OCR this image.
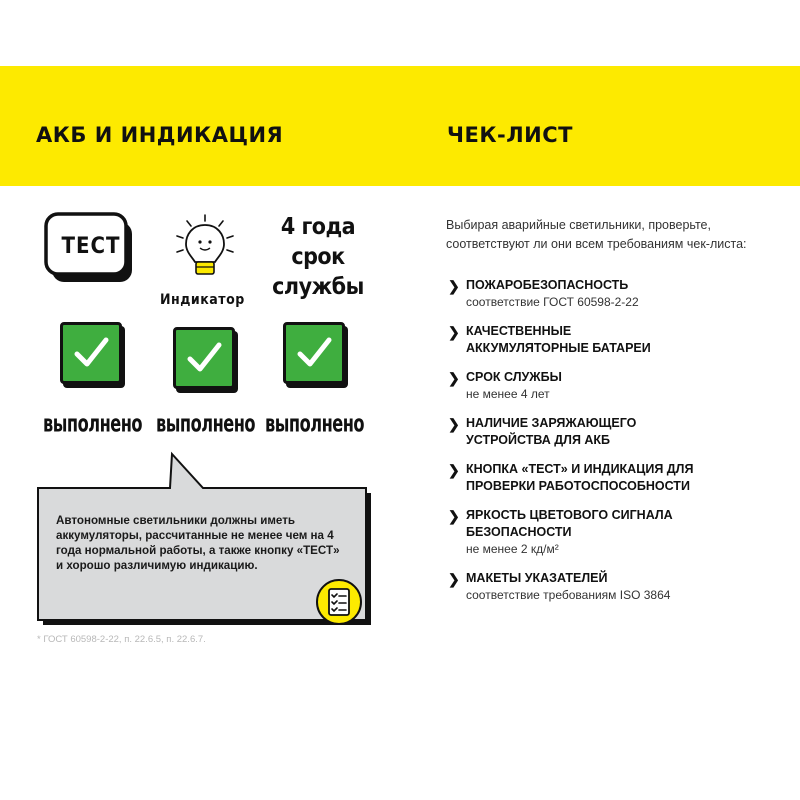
АКБ И ИНДИКАЦИЯ	ЧЕК-ЛИСТ
ТЕСТ
Индикатор
4 года
срок
службы
выполнено выполнено выполнено
Автономные светильники должны иметь аккумуляторы, рассчитанные не менее чем на 4 года нормальной работы, а также кнопку «ТЕСТ» и хорошо различимую индикацию.
* ГОСТ 60598-2-22, п. 22.6.5, п. 22.6.7.
Выбирая аварийные светильники, проверьте, соответствуют ли они всем требованиям чек-листа:
❯ ПОЖАРОБЕЗОПАСНОСТЬ
соответствие ГОСТ 60598-2-22
❯ КАЧЕСТВЕННЫЕ АККУМУЛЯТОРНЫЕ БАТАРЕИ
❯ СРОК СЛУЖБЫ
не менее 4 лет
❯ НАЛИЧИЕ ЗАРЯЖАЮЩЕГО УСТРОЙСТВА ДЛЯ АКБ
❯ КНОПКА «ТЕСТ» И ИНДИКАЦИЯ ДЛЯ ПРОВЕРКИ РАБОТОСПОСОБНОСТИ
❯ ЯРКОСТЬ ЦВЕТОВОГО СИГНАЛА БЕЗОПАСНОСТИ
не менее 2 кд/м²
❯ МАКЕТЫ УКАЗАТЕЛЕЙ
соответствие требованиям ISO 3864
